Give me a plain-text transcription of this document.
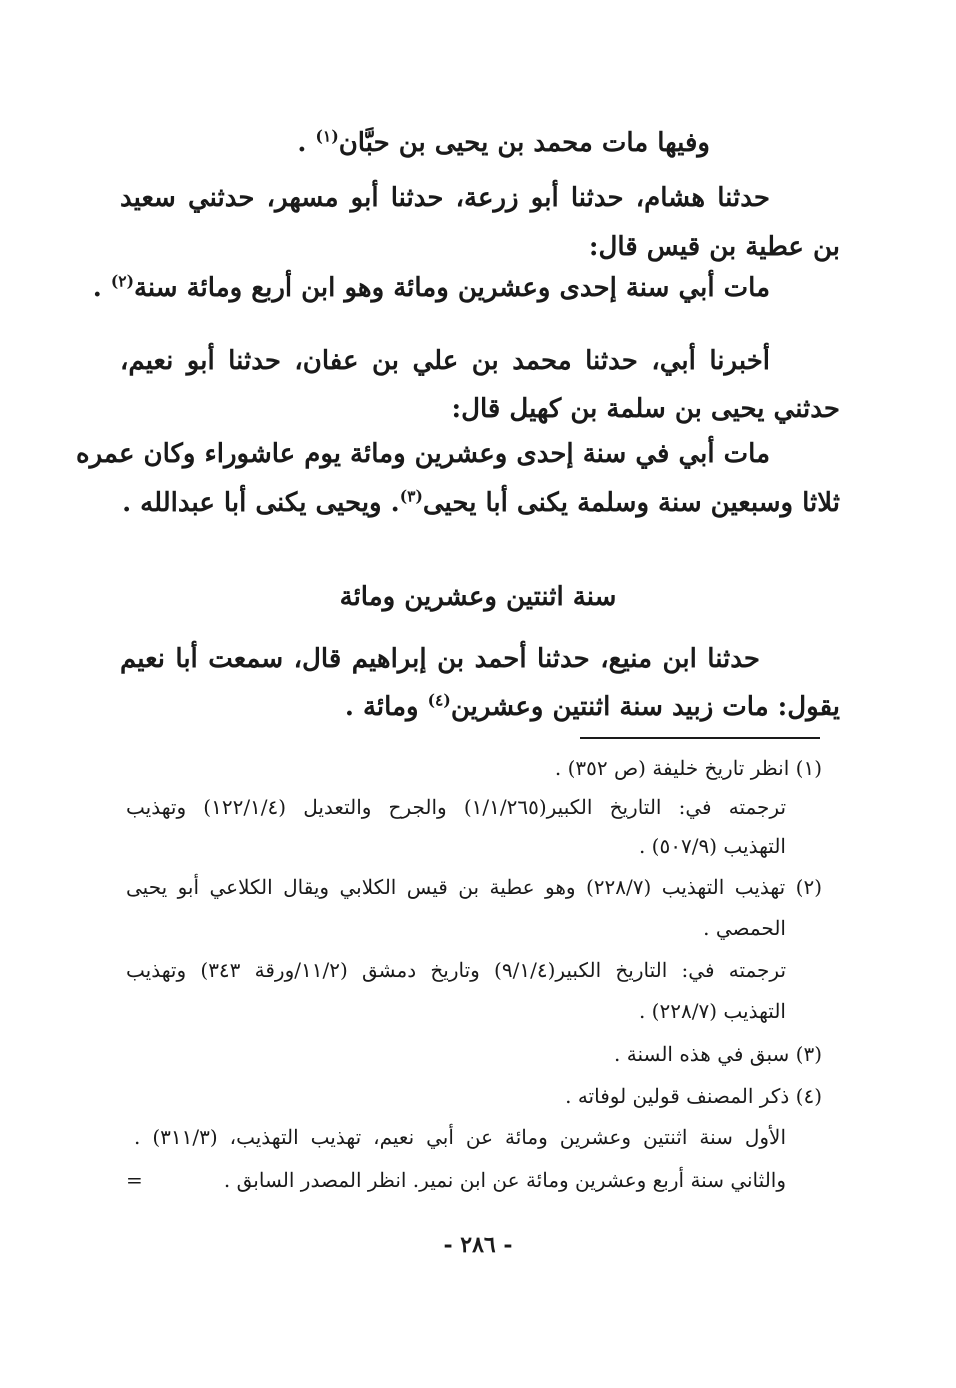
وفيها مات محمد بن يحيى بن حبَّان$^{(١)}$ .
حدثنا هشام، حدثنا أبو زرعة، حدثنا أبو مسهر، حدثني سعيد
بن عطية بن قيس قال:
مات أبي سنة إحدى وعشرين ومائة وهو ابن أربع ومائة سنة$^{(٢)}$ .
أخبرنا أبي، حدثنا محمد بن علي بن عفان، حدثنا أبو نعيم،
حدثني يحيى بن سلمة بن كهيل قال:
مات أبي في سنة إحدى وعشرين ومائة يوم عاشوراء وكان عمره
ثلاثا وسبعين سنة وسلمة يكنى أبا يحيى$^{(٣)}$. ويحيى يكنى أبا عبدالله .
سنة اثنتين وعشرين ومائة
حدثنا ابن منيع، حدثنا أحمد بن إبراهيم قال، سمعت أبا نعيم
يقول: مات زبيد سنة اثنتين وعشرين$^{(٤)}$ ومائة .
(١) انظر تاريخ خليفة (ص ٣٥٢) .
ترجمته في: التاريخ الكبير(١/١/٢٦٥) والجرح والتعديل (١٢٢/١/٤) وتهذيب
التهذيب (٥٠٧/٩) .
(٢) تهذيب التهذيب (٢٢٨/٧) وهو عطية بن قيس الكلابي ويقال الكلاعي أبو يحيى
الحمصي .
ترجمته في: التاريخ الكبير(٩/١/٤) وتاريخ دمشق (١١/٢/ورقة ٣٤٣) وتهذيب
التهذيب (٢٢٨/٧) .
(٣) سبق في هذه السنة .
(٤) ذكر المصنف قولين لوفاته .
الأول سنة اثنتين وعشرين ومائة عن أبي نعيم، تهذيب التهذيب، (٣١١/٣) .
والثاني سنة أربع وعشرين ومائة عن ابن نمير. انظر المصدر السابق .
=
- ٢٨٦ -
